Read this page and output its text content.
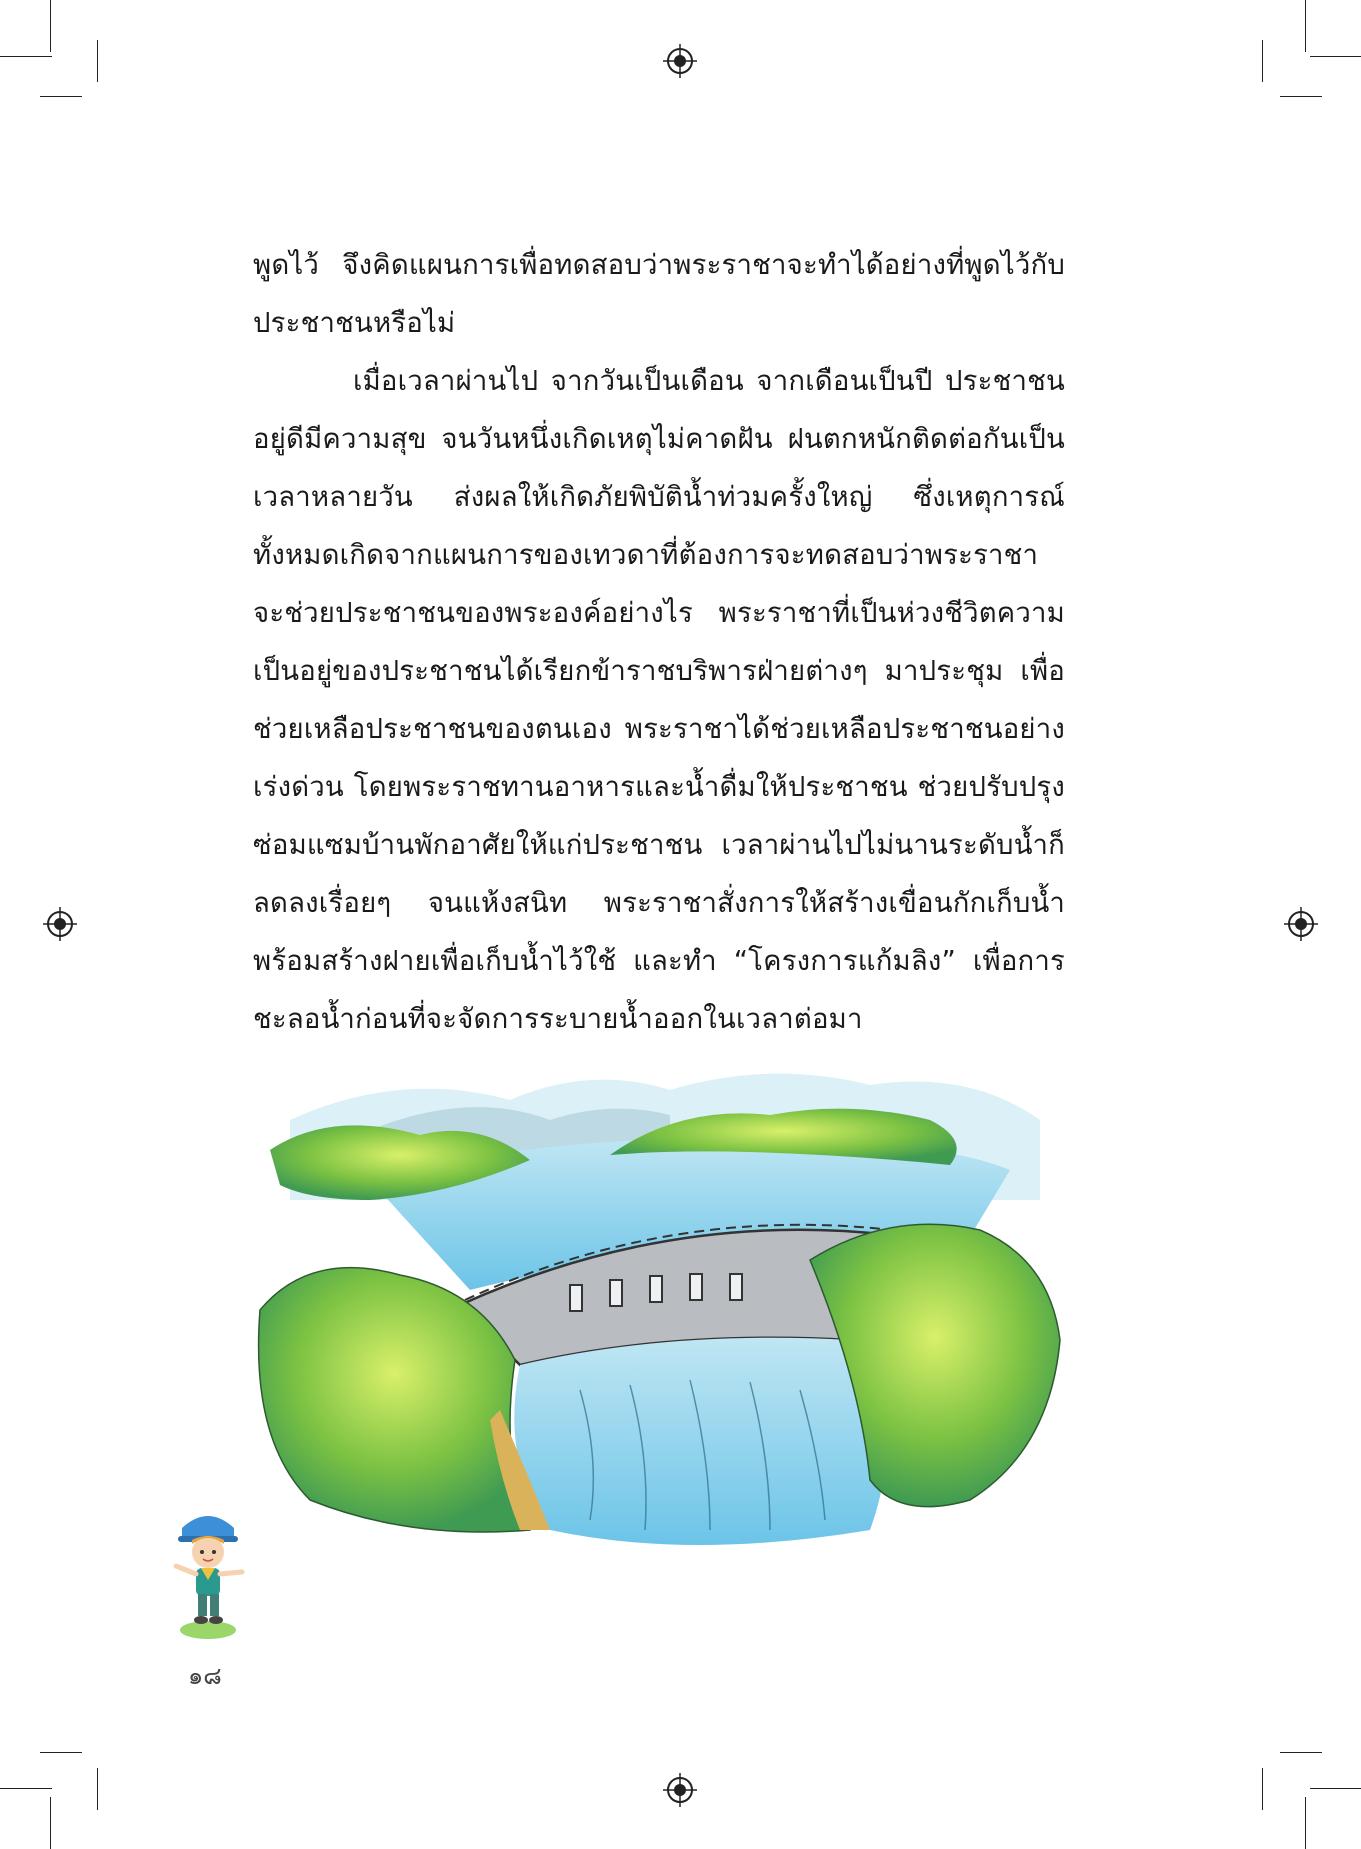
พูดไว้ จึงคิดแผนการเพื่อทดสอบว่าพระราชาจะทำได้อย่างที่พูดไว้กับประชาชนหรือไม่

เมื่อเวลาผ่านไป จากวันเป็นเดือน จากเดือนเป็นปี ประชาชนอยู่ดีมีความสุข จนวันหนึ่งเกิดเหตุไม่คาดฝัน ฝนตกหนักติดต่อกันเป็นเวลาหลายวัน ส่งผลให้เกิดภัยพิบัติน้ำท่วมครั้งใหญ่ ซึ่งเหตุการณ์ทั้งหมดเกิดจากแผนการของเทวดาที่ต้องการจะทดสอบว่าพระราชาจะช่วยประชาชนของพระองค์อย่างไร พระราชาที่เป็นห่วงชีวิตความเป็นอยู่ของประชาชนได้เรียกข้าราชบริพารฝ่ายต่างๆ มาประชุม เพื่อช่วยเหลือประชาชนของตนเอง พระราชาได้ช่วยเหลือประชาชนอย่างเร่งด่วน โดยพระราชทานอาหารและน้ำดื่มให้ประชาชน ช่วยปรับปรุงซ่อมแซมบ้านพักอาศัยให้แก่ประชาชน เวลาผ่านไปไม่นานระดับน้ำก็ลดลงเรื่อยๆ จนแห้งสนิท พระราชาสั่งการให้สร้างเขื่อนกักเก็บน้ำพร้อมสร้างฝายเพื่อเก็บน้ำไว้ใช้ และทำ “โครงการแก้มลิง” เพื่อการชะลอน้ำก่อนที่จะจัดการระบายน้ำออกในเวลาต่อมา

๑๘
